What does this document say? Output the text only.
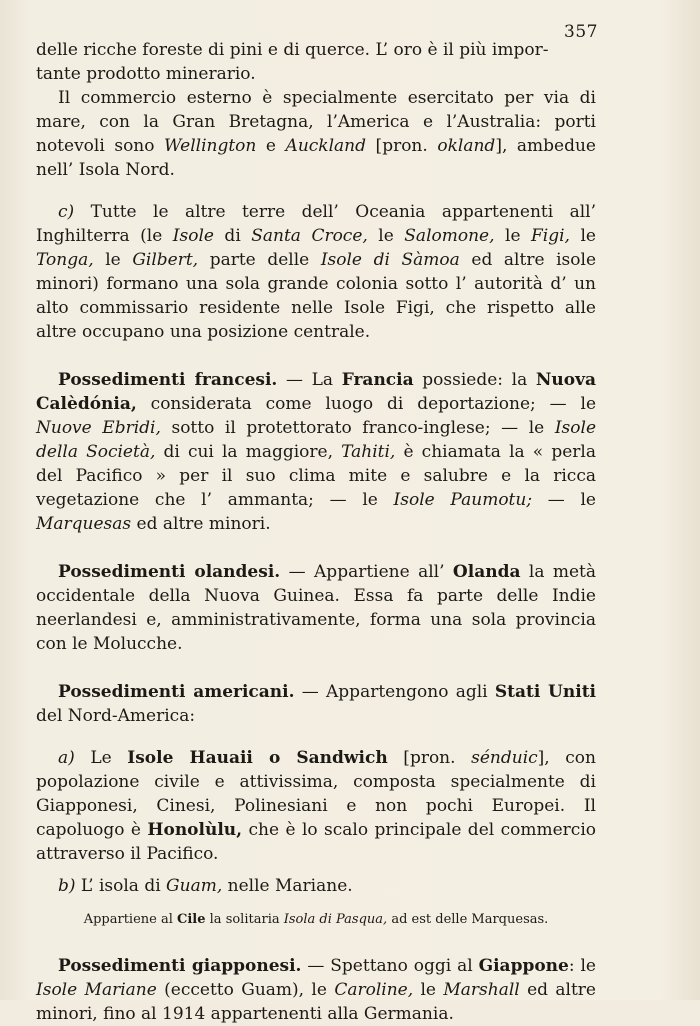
357

delle ricche foreste di pini e di querce. L’ oro è il più impor-
tante prodotto minerario.

Il commercio esterno è specialmente esercitato per via di mare, con la Gran Bretagna, l’America e l’Australia: porti notevoli sono Wellington e Auckland [pron. okland], ambedue nell’ Isola Nord.

c) Tutte le altre terre dell’ Oceania appartenenti all’ Inghilterra (le Isole di Santa Croce, le Salomone, le Figi, le Tonga, le Gilbert, parte delle Isole di Sàmoa ed altre isole minori) formano una sola grande colonia sotto l’ autorità d’ un alto commissario residente nelle Isole Figi, che rispetto alle altre occupano una posizione centrale.

Possedimenti francesi. — La Francia possiede: la Nuova Calèdónia, considerata come luogo di deportazione; — le Nuove Ebridi, sotto il protettorato franco-inglese; — le Isole della Società, di cui la maggiore, Tahiti, è chiamata la « perla del Pacifico » per il suo clima mite e salubre e la ricca vegetazione che l’ ammanta; — le Isole Paumotu; — le Marquesas ed altre minori.

Possedimenti olandesi. — Appartiene all’ Olanda la metà occidentale della Nuova Guinea. Essa fa parte delle Indie neerlandesi e, amministrativamente, forma una sola provincia con le Molucche.

Possedimenti americani. — Appartengono agli Stati Uniti del Nord-America:

a) Le Isole Hauaii o Sandwich [pron. sénduic], con popolazione civile e attivissima, composta specialmente di Giapponesi, Cinesi, Polinesiani e non pochi Europei. Il capoluogo è Honolùlu, che è lo scalo principale del commercio attraverso il Pacifico.

b) L’ isola di Guam, nelle Mariane.

Appartiene al Cile la solitaria Isola di Pasqua, ad est delle Marquesas.

Possedimenti giapponesi. — Spettano oggi al Giappone: le Isole Mariane (eccetto Guam), le Caroline, le Marshall ed altre minori, fino al 1914 appartenenti alla Germania.
